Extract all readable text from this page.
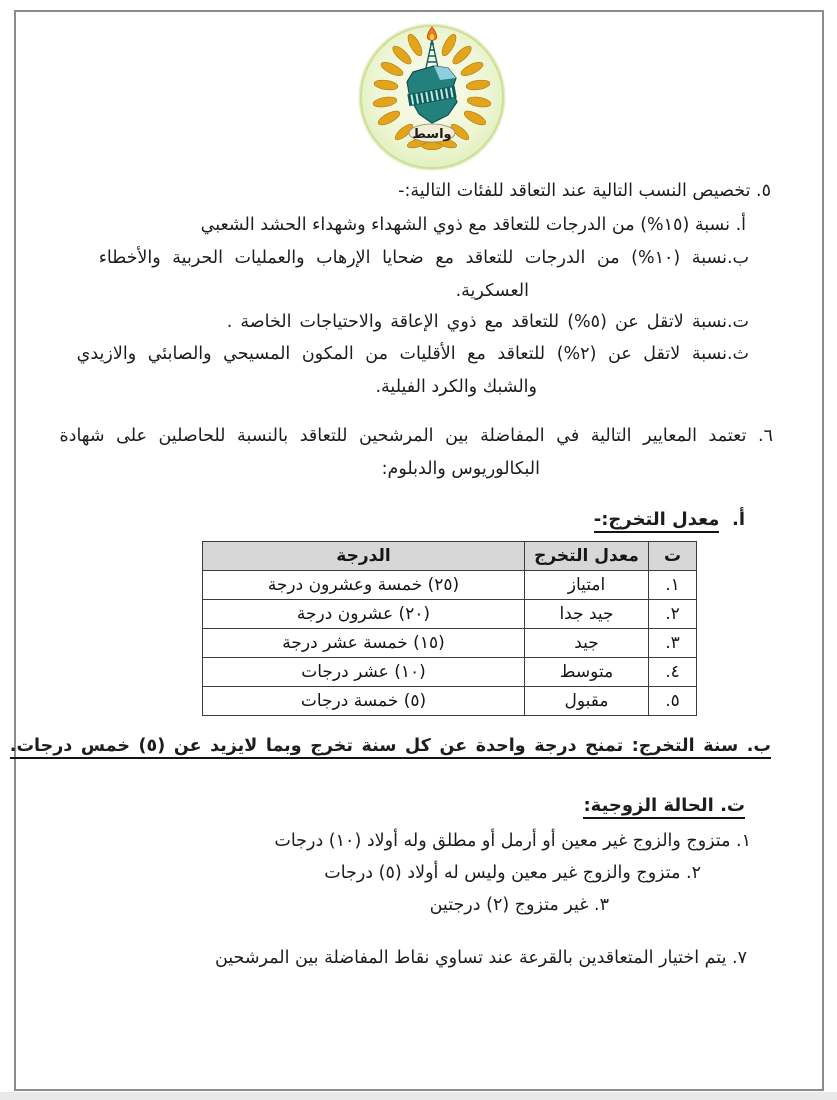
واسط
٥. تخصيص النسب التالية عند التعاقد للفئات التالية:-
أ. نسبة (١٥%) من الدرجات للتعاقد مع ذوي الشهداء وشهداء الحشد الشعبي
ب.نسبة (١٠%) من الدرجات للتعاقد مع ضحايا الإرهاب والعمليات الحربية والأخطاء
العسكرية.
ت.نسبة لاتقل عن (٥%) للتعاقد مع ذوي الإعاقة والاحتياجات الخاصة .
ث.نسبة لاتقل عن (٢%) للتعاقد مع الأقليات من المكون المسيحي والصابئي والازيدي
والشبك والكرد الفيلية.
٦. تعتمد المعايير التالية في المفاضلة بين المرشحين للتعاقد بالنسبة للحاصلين على شهادة
البكالوريوس والدبلوم:
أ.  معدل التخرج:-
ت	معدل التخرج	الدرجة
١.	امتياز	(٢٥) خمسة وعشرون درجة
٢.	جيد جدا	(٢٠) عشرون درجة
٣.	جيد	(١٥) خمسة عشر درجة
٤.	متوسط	(١٠) عشر درجات
٥.	مقبول	(٥) خمسة درجات
ب. سنة التخرج: تمنح درجة واحدة عن كل سنة تخرج وبما لايزيد عن (٥) خمس درجات.
ت. الحالة الزوجية:
١. متزوج والزوج غير معين أو أرمل أو مطلق وله أولاد (١٠) درجات
٢. متزوج والزوج غير معين وليس له أولاد (٥) درجات
٣. غير متزوج (٢) درجتين
٧. يتم اختيار المتعاقدين بالقرعة عند تساوي نقاط المفاضلة بين المرشحين
